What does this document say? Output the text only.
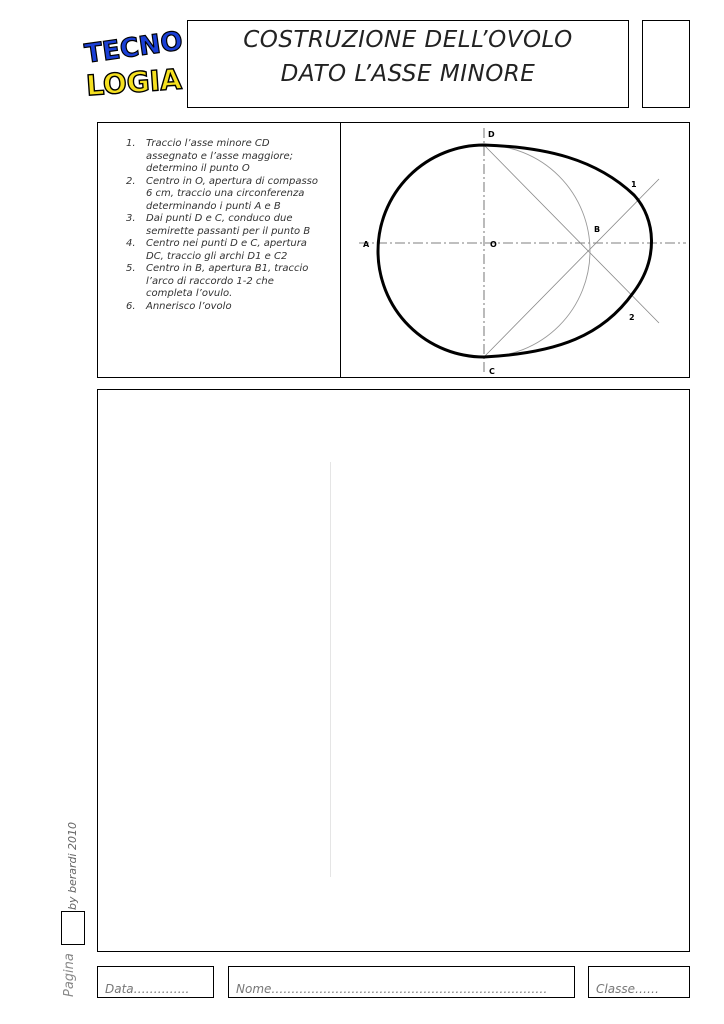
TECNO
LOGIA
COSTRUZIONE DELL’OVOLO
DATO L’ASSE MINORE
1. Traccio l’asse minore CD assegnato e l’asse maggiore; determino il punto O
2. Centro in O, apertura di compasso 6 cm, traccio una circonferenza determinando i punti A e B
3. Dai punti D e C, conduco due semirette passanti per il punto B
4. Centro nei punti D e C, apertura DC, traccio gli archi D1 e C2
5. Centro in B, apertura B1, traccio l’arco di raccordo 1-2 che completa l’ovulo.
6. Annerisco l’ovolo
A	O
B
D
C
1
2
by berardi 2010
Pagina Data…………..	Nome……………………………………………………………	Classe……
